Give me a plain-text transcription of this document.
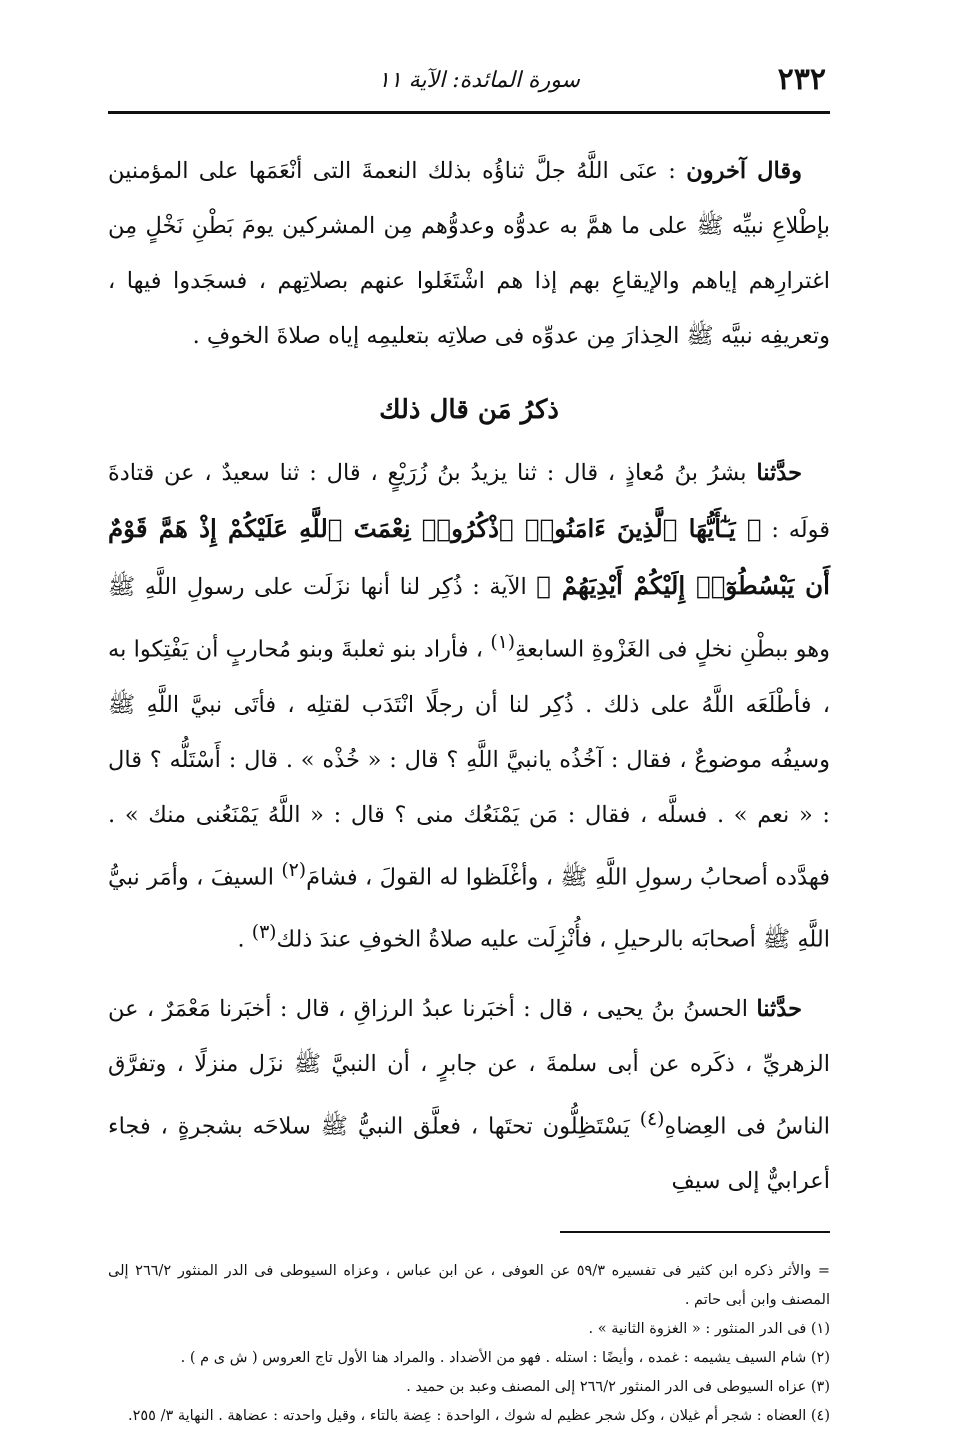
٢٣٢
سورة المائدة: الآية ١١

وقال آخرون : عنَى اللَّهُ جلَّ ثناؤُه بذلك النعمةَ التى أنْعَمَها على المؤمنين بإطْلاعِ نبيِّه ﷺ على ما همَّ به عدوُّه وعدوُّهم مِن المشركين يومَ بَطْنِ نَخْلٍ مِن اغترارِهم إياهم والإيقاعِ بهم إذا هم اشْتَغَلوا عنهم بصلاتِهم ، فسجَدوا فيها ، وتعريفِه نبيَّه ﷺ الحِذارَ مِن عدوِّه فى صلاتِه بتعليمِه إياه صلاةَ الخوفِ .

ذكرُ مَن قال ذلك

حدَّثنا بشرُ بنُ مُعاذٍ ، قال : ثنا يزيدُ بنُ زُرَيْعٍ ، قال : ثنا سعيدٌ ، عن قتادةَ قولَه : ﴿ يَـٰٓأَيُّهَا ٱلَّذِينَ ءَامَنُوا۟ ٱذْكُرُوا۟ نِعْمَتَ ٱللَّهِ عَلَيْكُمْ إِذْ هَمَّ قَوْمٌ أَن يَبْسُطُوٓا۟ إِلَيْكُمْ أَيْدِيَهُمْ ﴾ الآية : ذُكِر لنا أنها نزَلَت على رسولِ اللَّهِ ﷺ وهو ببطْنِ نخلٍ فى الغَزْوةِ السابعةِ$^{(١)}$ ، فأراد بنو ثعلبةَ وبنو مُحاربٍ أن يَفْتِكوا به ، فأطْلَعَه اللَّهُ على ذلك . ذُكِر لنا أن رجلًا انْتَدَب لقتلِه ، فأتَى نبيَّ اللَّهِ ﷺ وسيفُه موضوعٌ ، فقال : آخُذُه يانبيَّ اللَّهِ ؟ قال : « خُذْه » . قال : أَسْتَلُّه ؟ قال : « نعم » . فسلَّه ، فقال : مَن يَمْنَعُك منى ؟ قال : « اللَّهُ يَمْنَعُنى منك » . فهدَّده أصحابُ رسولِ اللَّهِ ﷺ ، وأغْلَظوا له القولَ ، فشامَ$^{(٢)}$ السيفَ ، وأمَر نبيُّ اللَّهِ ﷺ أصحابَه بالرحيلِ ، فأُنْزِلَت عليه صلاةُ الخوفِ عندَ ذلك$^{(٣)}$ .

حدَّثنا الحسنُ بنُ يحيى ، قال : أخبَرنا عبدُ الرزاقِ ، قال : أخبَرنا مَعْمَرٌ ، عن الزهريِّ ، ذكَره عن أبى سلمةَ ، عن جابرٍ ، أن النبيَّ ﷺ نزَل منزلًا ، وتفرَّق الناسُ فى العِضاهِ$^{(٤)}$ يَسْتَظِلُّون تحتَها ، فعلَّق النبيُّ ﷺ سلاحَه بشجرةٍ ، فجاء أعرابيٌّ إلى سيفِ

= والأثر ذكره ابن كثير فى تفسيره ٥٩/٣ عن العوفى ، عن ابن عباس ، وعزاه السيوطى فى الدر المنثور ٢٦٦/٢ إلى المصنف وابن أبى حاتم .

(١) فى الدر المنثور : « الغزوة الثانية » .

(٢) شام السيف يشيمه : غمده ، وأيضًا : استله . فهو من الأضداد . والمراد هنا الأول تاج العروس ( ش ى م ) .

(٣) عزاه السيوطى فى الدر المنثور ٢٦٦/٢ إلى المصنف وعبد بن حميد .

(٤) العضاه : شجر أم غيلان ، وكل شجر عظيم له شوك ، الواحدة : عِضة بالتاء ، وقيل واحدته : عضاهة . النهاية ٣/ ٢٥٥.
